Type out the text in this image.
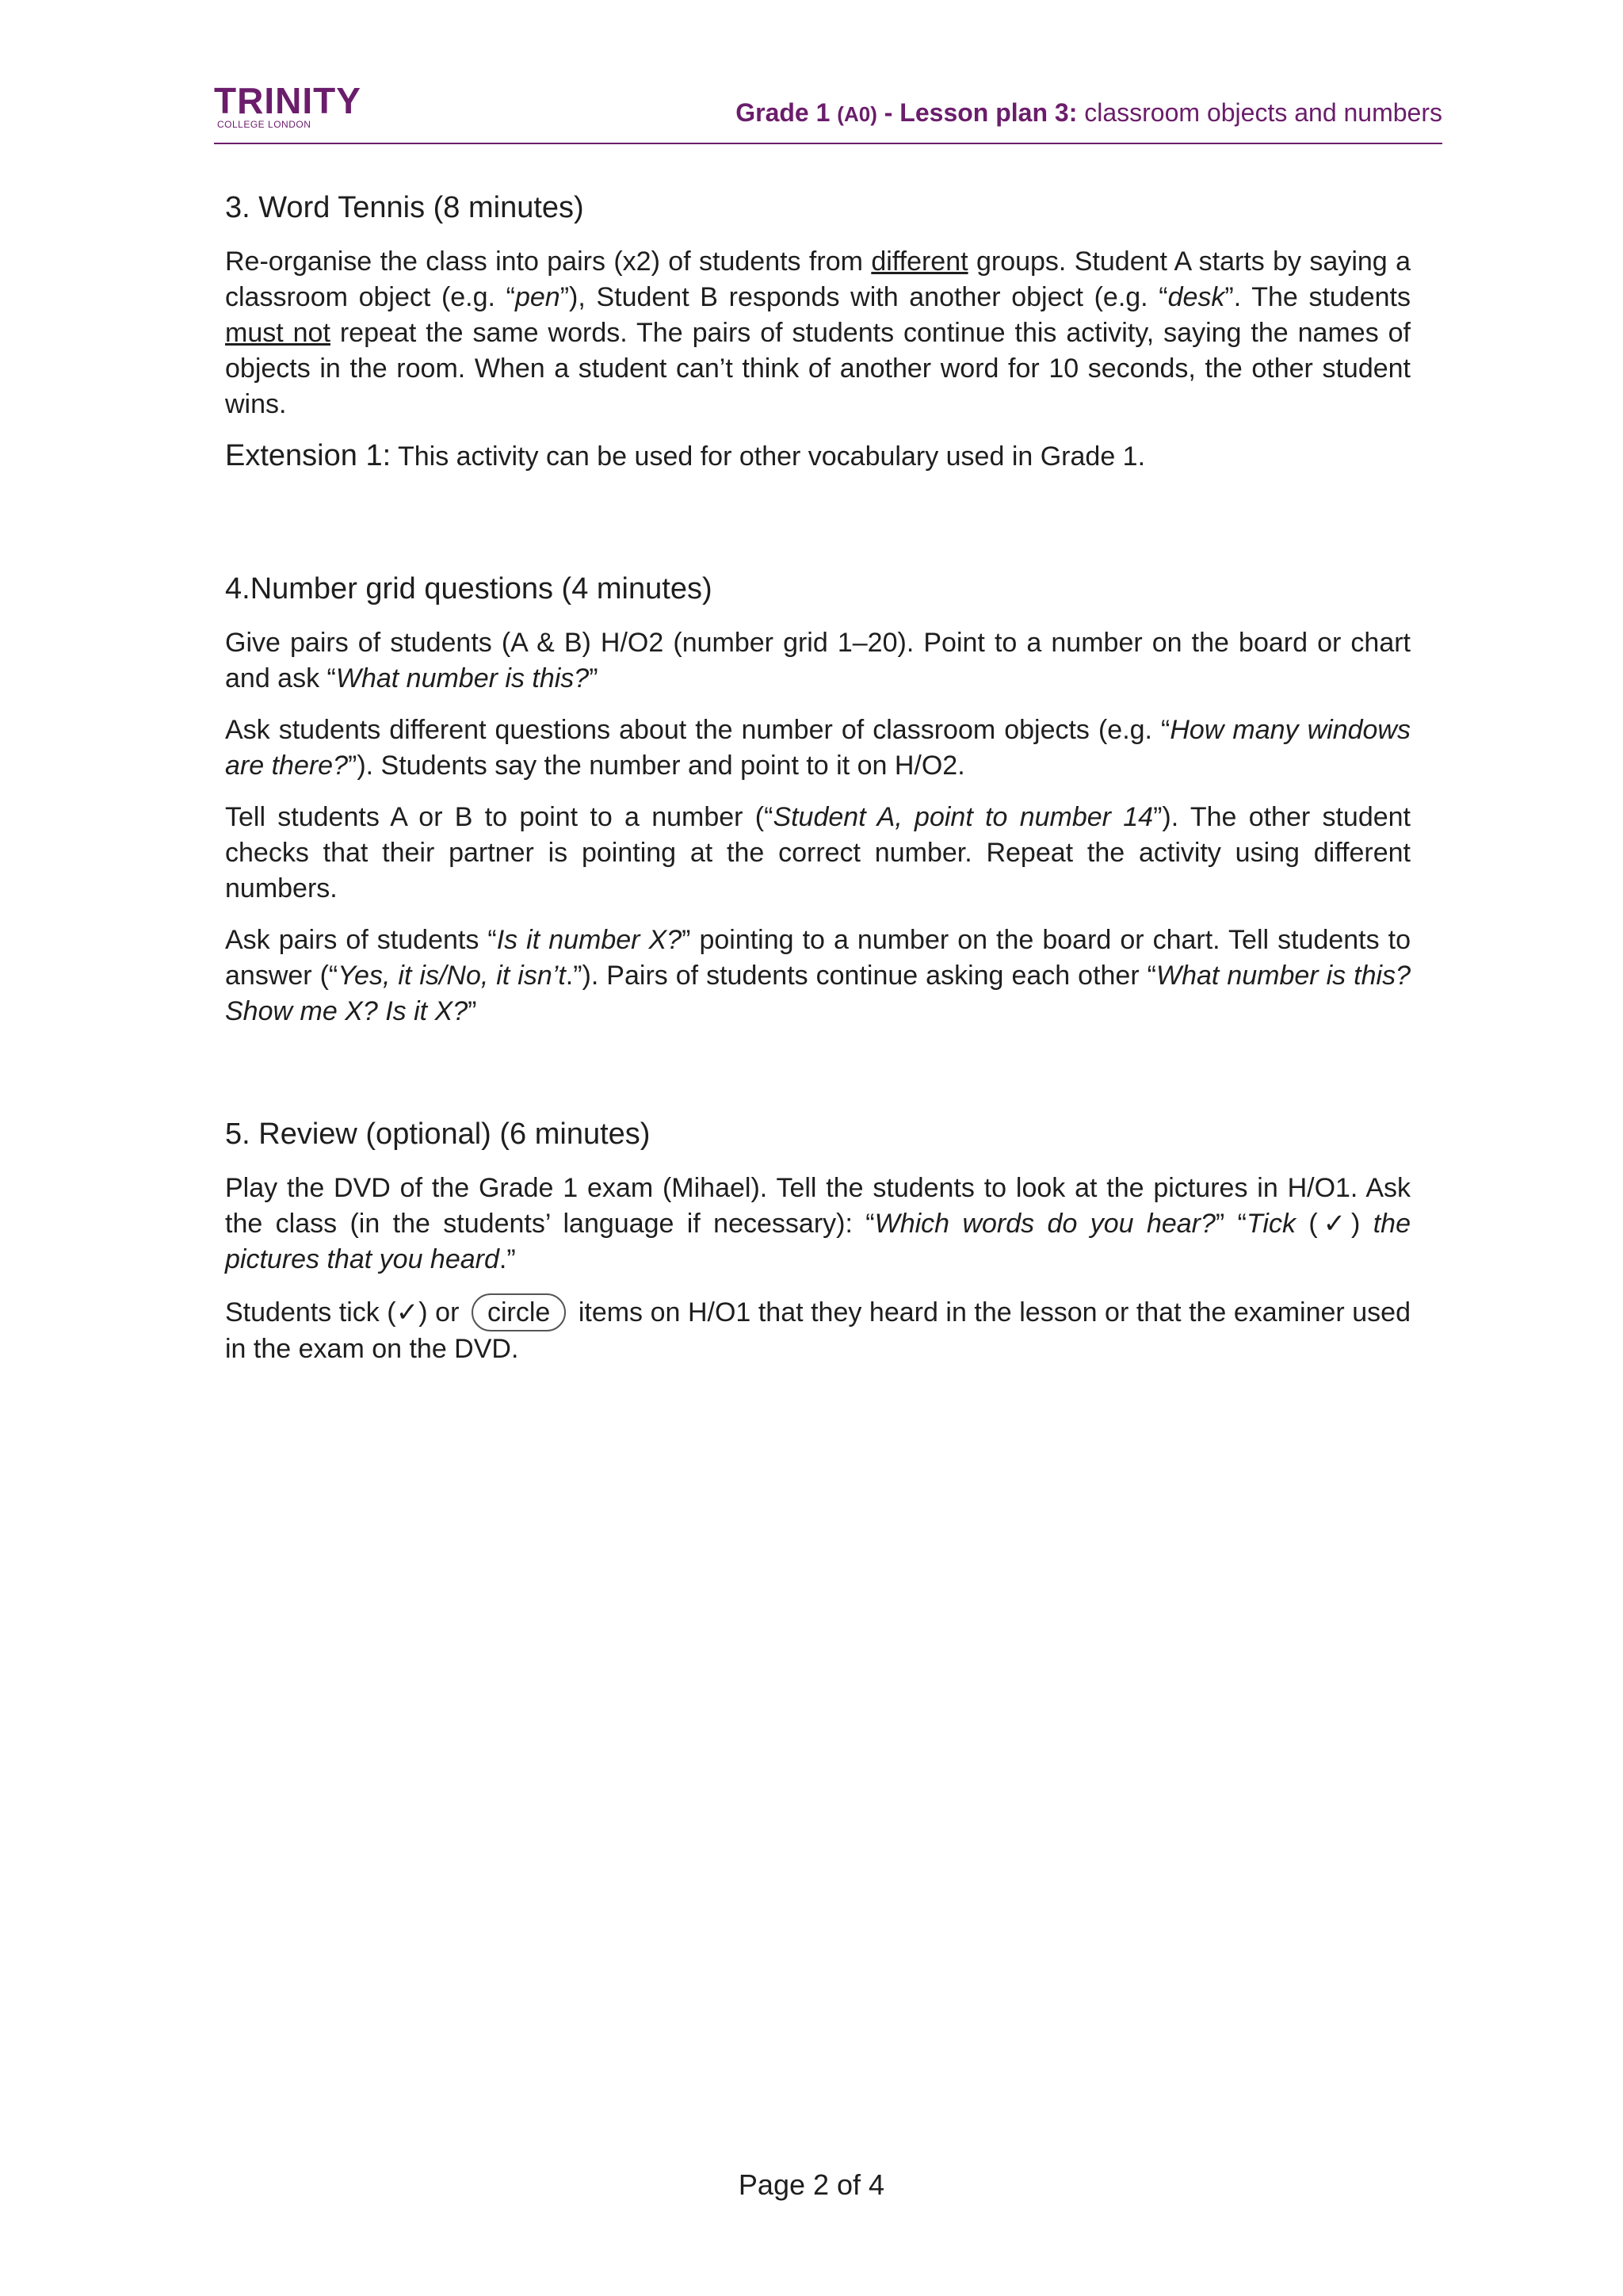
TRINITY
COLLEGE LONDON	Grade 1 (A0) - Lesson plan 3: classroom objects and numbers
3. Word Tennis (8 minutes)

Re-organise the class into pairs (x2) of students from different groups. Student A starts by saying a classroom object (e.g. “pen”), Student B responds with another object (e.g. “desk”. The students must not repeat the same words. The pairs of students continue this activity, saying the names of objects in the room. When a student can’t think of another word for 10 seconds, the other student wins.

Extension 1: This activity can be used for other vocabulary used in Grade 1.

4.Number grid questions (4 minutes)

Give pairs of students (A & B) H/O2 (number grid 1–20). Point to a number on the board or chart and ask “What number is this?”

Ask students different questions about the number of classroom objects (e.g. “How many windows are there?”). Students say the number and point to it on H/O2.

Tell students A or B to point to a number (“Student A, point to number 14”). The other student checks that their partner is pointing at the correct number. Repeat the activity using different numbers.

Ask pairs of students “Is it number X?” pointing to a number on the board or chart. Tell students to answer (“Yes, it is/No, it isn’t.”). Pairs of students continue asking each other “What number is this? Show me X? Is it X?”

5. Review (optional) (6 minutes)

Play the DVD of the Grade 1 exam (Mihael). Tell the students to look at the pictures in H/O1. Ask the class (in the students’ language if necessary): “Which words do you hear?” “Tick (✓) the pictures that you heard.”

Students tick (✓) or circle items on H/O1 that they heard in the lesson or that the examiner used in the exam on the DVD.

Page 2 of 4
